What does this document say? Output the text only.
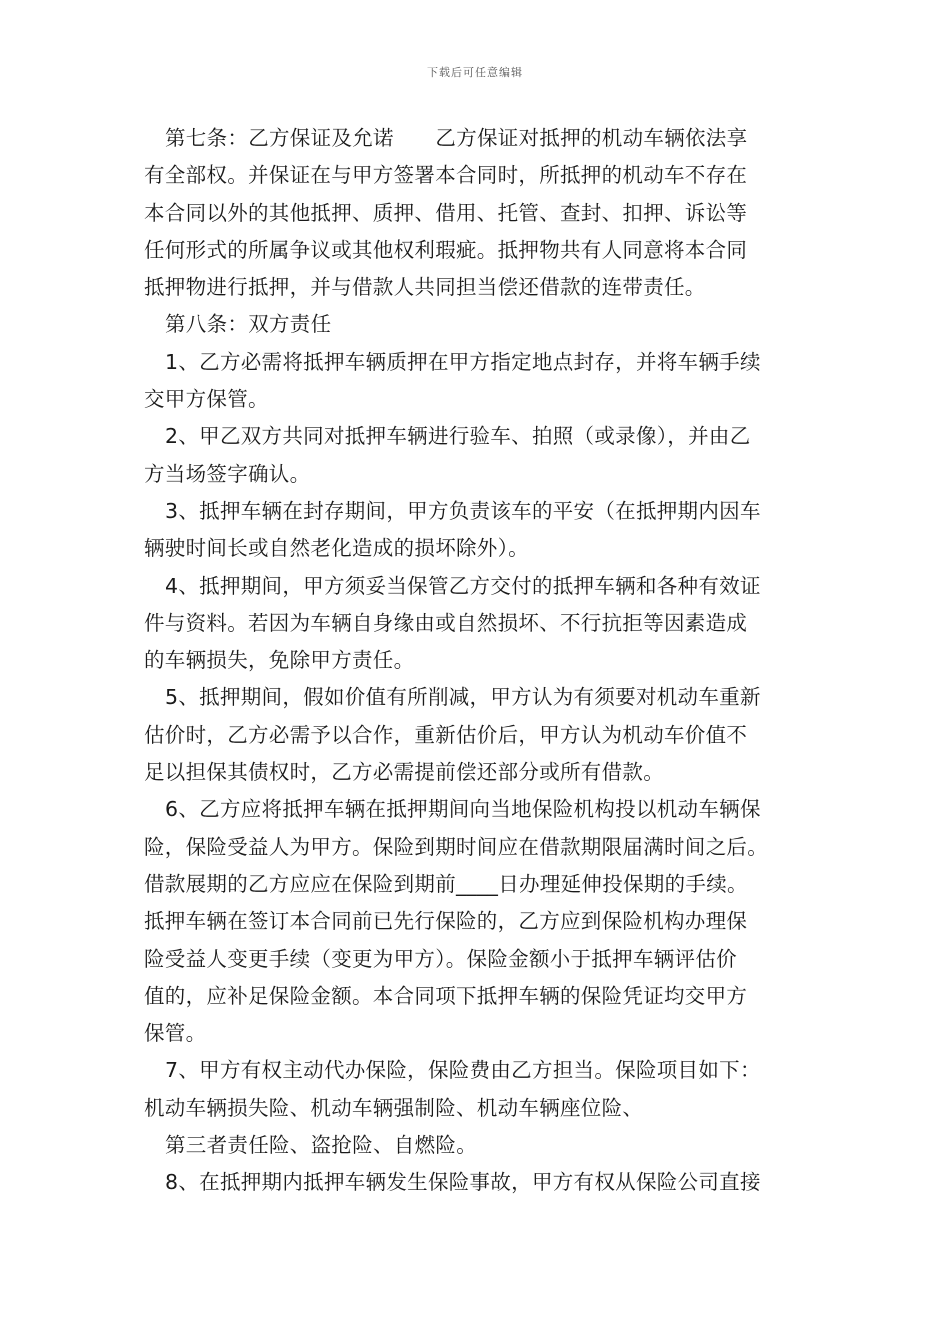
下载后可任意编辑
第七条：乙方保证及允诺　　乙方保证对抵押的机动车辆依法享
有全部权。并保证在与甲方签署本合同时，所抵押的机动车不存在
本合同以外的其他抵押、质押、借用、托管、查封、扣押、诉讼等
任何形式的所属争议或其他权利瑕疵。抵押物共有人同意将本合同
抵押物进行抵押，并与借款人共同担当偿还借款的连带责任。
第八条：双方责任
1、乙方必需将抵押车辆质押在甲方指定地点封存，并将车辆手续
交甲方保管。
2、甲乙双方共同对抵押车辆进行验车、拍照（或录像），并由乙
方当场签字确认。
3、抵押车辆在封存期间，甲方负责该车的平安（在抵押期内因车
辆驶时间长或自然老化造成的损坏除外）。
4、抵押期间，甲方须妥当保管乙方交付的抵押车辆和各种有效证
件与资料。若因为车辆自身缘由或自然损坏、不行抗拒等因素造成
的车辆损失，免除甲方责任。
5、抵押期间，假如价值有所削减，甲方认为有须要对机动车重新
估价时，乙方必需予以合作，重新估价后，甲方认为机动车价值不
足以担保其债权时，乙方必需提前偿还部分或所有借款。
6、乙方应将抵押车辆在抵押期间向当地保险机构投以机动车辆保
险，保险受益人为甲方。保险到期时间应在借款期限届满时间之后。
借款展期的乙方应应在保险到期前____日办理延伸投保期的手续。
抵押车辆在签订本合同前已先行保险的，乙方应到保险机构办理保
险受益人变更手续（变更为甲方）。保险金额小于抵押车辆评估价
值的，应补足保险金额。本合同项下抵押车辆的保险凭证均交甲方
保管。
7、甲方有权主动代办保险，保险费由乙方担当。保险项目如下：
机动车辆损失险、机动车辆强制险、机动车辆座位险、
第三者责任险、盗抢险、自燃险。
8、在抵押期内抵押车辆发生保险事故，甲方有权从保险公司直接
